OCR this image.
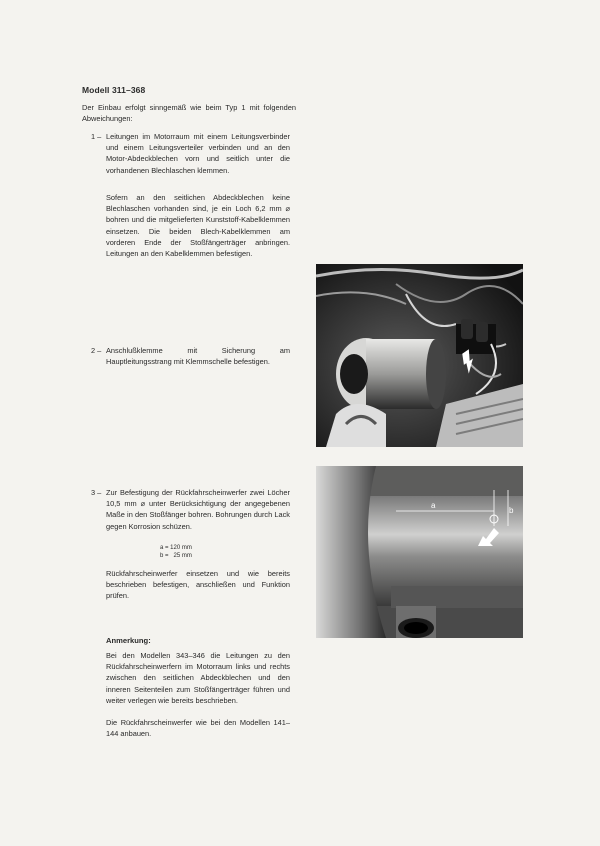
Modell 311–368
Der Einbau erfolgt sinngemäß wie beim Typ 1 mit folgenden Abweichungen:
1 – Leitungen im Motorraum mit einem Leitungsverbinder und einem Leitungsverteiler verbinden und an den Motor-Abdeckblechen vorn und seitlich unter die vorhandenen Blechlaschen klemmen.
Sofern an den seitlichen Abdeckblechen keine Blechlaschen vorhanden sind, je ein Loch 6,2 mm ⌀ bohren und die mitgelieferten Kunststoff-Kabelklemmen einsetzen. Die beiden Blech-Kabelklemmen am vorderen Ende der Stoßfängerträger anbringen. Leitungen an den Kabelklemmen befestigen.
2 – Anschlußklemme mit Sicherung am Hauptleitungsstrang mit Klemmschelle befestigen.
3 – Zur Befestigung der Rückfahrscheinwerfer zwei Löcher 10,5 mm ⌀ unter Berücksichtigung der angegebenen Maße in den Stoßfänger bohren. Bohrungen durch Lack gegen Korrosion schüzen.
a = 120 mm
b =   25 mm
Rückfahrscheinwerfer einsetzen und wie bereits beschrieben befestigen, anschließen und Funktion prüfen.
Anmerkung:
Bei den Modellen 343–346 die Leitungen zu den Rückfahrscheinwerfern im Motorraum links und rechts zwischen den seitlichen Abdeckblechen und den inneren Seitenteilen zum Stoßfängerträger führen und weiter verlegen wie bereits beschrieben.
Die Rückfahrscheinwerfer wie bei den Modellen 141–144 anbauen.
a
b
